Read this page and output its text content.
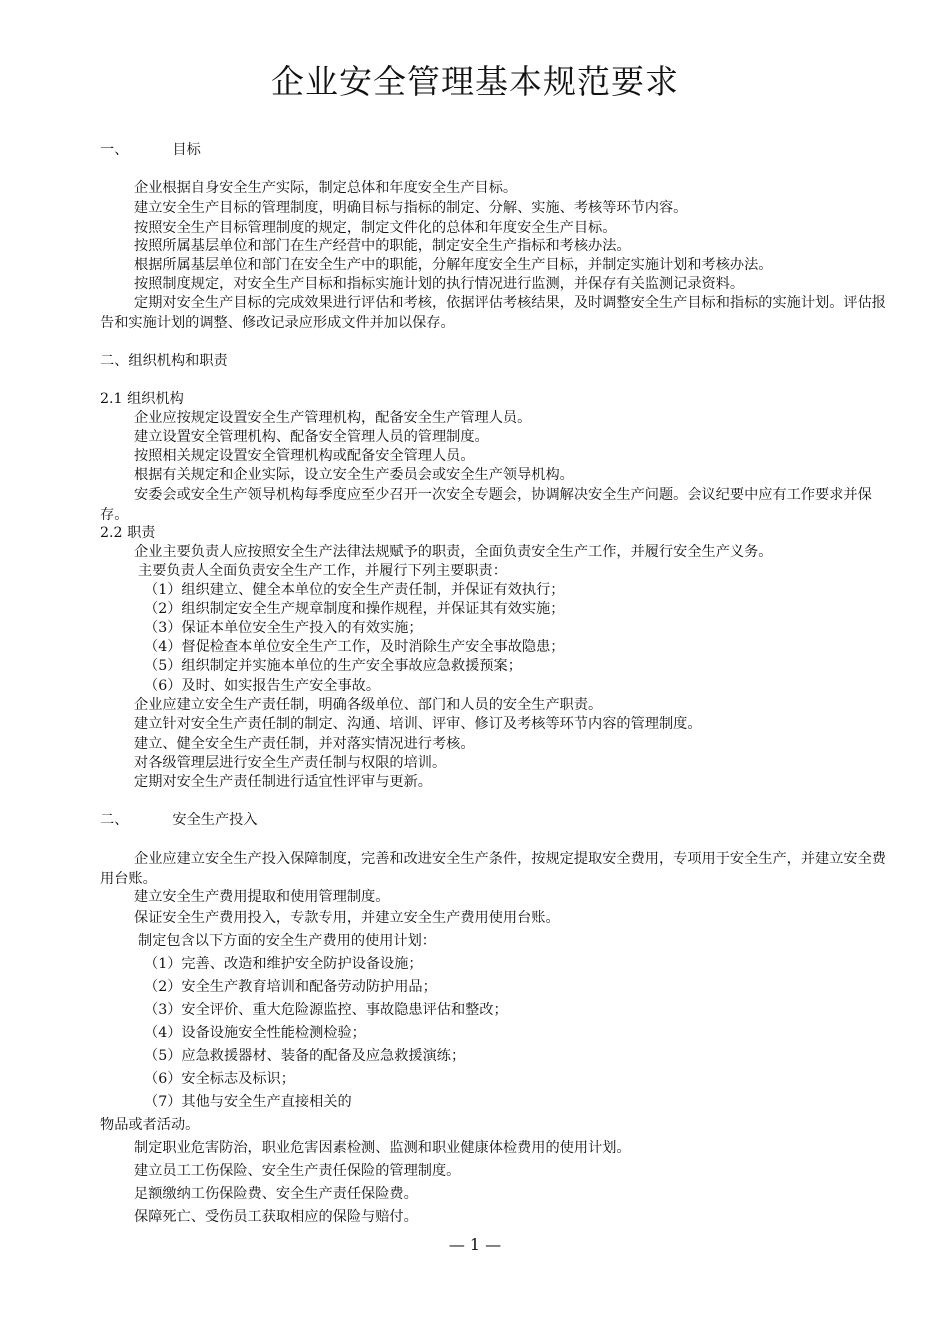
企业安全管理基本规范要求
一、	目标
企业根据自身安全生产实际，制定总体和年度安全生产目标。
建立安全生产目标的管理制度，明确目标与指标的制定、分解、实施、考核等环节内容。
按照安全生产目标管理制度的规定，制定文件化的总体和年度安全生产目标。
按照所属基层单位和部门在生产经营中的职能，制定安全生产指标和考核办法。
根据所属基层单位和部门在安全生产中的职能，分解年度安全生产目标，并制定实施计划和考核办法。
按照制度规定，对安全生产目标和指标实施计划的执行情况进行监测，并保存有关监测记录资料。
定期对安全生产目标的完成效果进行评估和考核，依据评估考核结果，及时调整安全生产目标和指标的实施计划。评估报告和实施计划的调整、修改记录应形成文件并加以保存。
二、组织机构和职责
2.1 组织机构
企业应按规定设置安全生产管理机构，配备安全生产管理人员。
建立设置安全管理机构、配备安全管理人员的管理制度。
按照相关规定设置安全管理机构或配备安全管理人员。
根据有关规定和企业实际，设立安全生产委员会或安全生产领导机构。
安委会或安全生产领导机构每季度应至少召开一次安全专题会，协调解决安全生产问题。会议纪要中应有工作要求并保存。
2.2 职责
企业主要负责人应按照安全生产法律法规赋予的职责，全面负责安全生产工作，并履行安全生产义务。
主要负责人全面负责安全生产工作，并履行下列主要职责：
（1）组织建立、健全本单位的安全生产责任制，并保证有效执行；
（2）组织制定安全生产规章制度和操作规程，并保证其有效实施；
（3）保证本单位安全生产投入的有效实施；
（4）督促检查本单位安全生产工作，及时消除生产安全事故隐患；
（5）组织制定并实施本单位的生产安全事故应急救援预案；
（6）及时、如实报告生产安全事故。
企业应建立安全生产责任制，明确各级单位、部门和人员的安全生产职责。
建立针对安全生产责任制的制定、沟通、培训、评审、修订及考核等环节内容的管理制度。
建立、健全安全生产责任制，并对落实情况进行考核。
对各级管理层进行安全生产责任制与权限的培训。
定期对安全生产责任制进行适宜性评审与更新。
二、	安全生产投入
企业应建立安全生产投入保障制度，完善和改进安全生产条件，按规定提取安全费用，专项用于安全生产，并建立安全费用台账。
建立安全生产费用提取和使用管理制度。
保证安全生产费用投入，专款专用，并建立安全生产费用使用台账。
制定包含以下方面的安全生产费用的使用计划：
（1）完善、改造和维护安全防护设备设施；
（2）安全生产教育培训和配备劳动防护用品；
（3）安全评价、重大危险源监控、事故隐患评估和整改；
（4）设备设施安全性能检测检验；
（5）应急救援器材、装备的配备及应急救援演练；
（6）安全标志及标识；
（7）其他与安全生产直接相关的
物品或者活动。
制定职业危害防治，职业危害因素检测、监测和职业健康体检费用的使用计划。
建立员工工伤保险、安全生产责任保险的管理制度。
足额缴纳工伤保险费、安全生产责任保险费。
保障死亡、受伤员工获取相应的保险与赔付。
— 1 —
